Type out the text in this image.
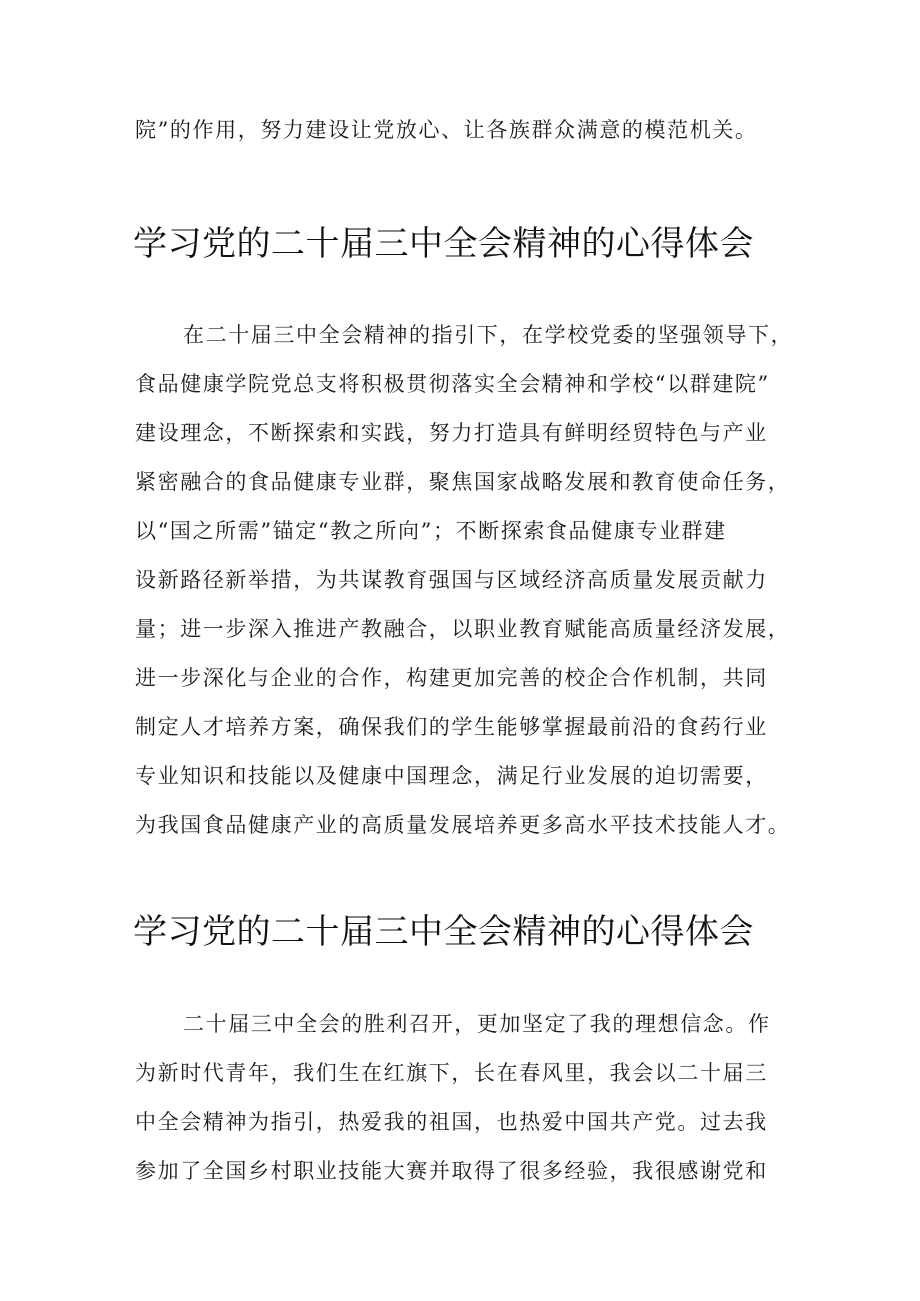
院”的作用，努力建设让党放心、让各族群众满意的模范机关。
学习党的二十届三中全会精神的心得体会
在二十届三中全会精神的指引下，在学校党委的坚强领导下，
食品健康学院党总支将积极贯彻落实全会精神和学校“以群建院”
建设理念，不断探索和实践，努力打造具有鲜明经贸特色与产业
紧密融合的食品健康专业群，聚焦国家战略发展和教育使命任务，
以“国之所需”锚定“教之所向”；不断探索食品健康专业群建
设新路径新举措，为共谋教育强国与区域经济高质量发展贡献力
量；进一步深入推进产教融合，以职业教育赋能高质量经济发展，
进一步深化与企业的合作，构建更加完善的校企合作机制，共同
制定人才培养方案，确保我们的学生能够掌握最前沿的食药行业
专业知识和技能以及健康中国理念，满足行业发展的迫切需要，
为我国食品健康产业的高质量发展培养更多高水平技术技能人才。
学习党的二十届三中全会精神的心得体会
二十届三中全会的胜利召开，更加坚定了我的理想信念。作
为新时代青年，我们生在红旗下，长在春风里，我会以二十届三
中全会精神为指引，热爱我的祖国，也热爱中国共产党。过去我
参加了全国乡村职业技能大赛并取得了很多经验，我很感谢党和
